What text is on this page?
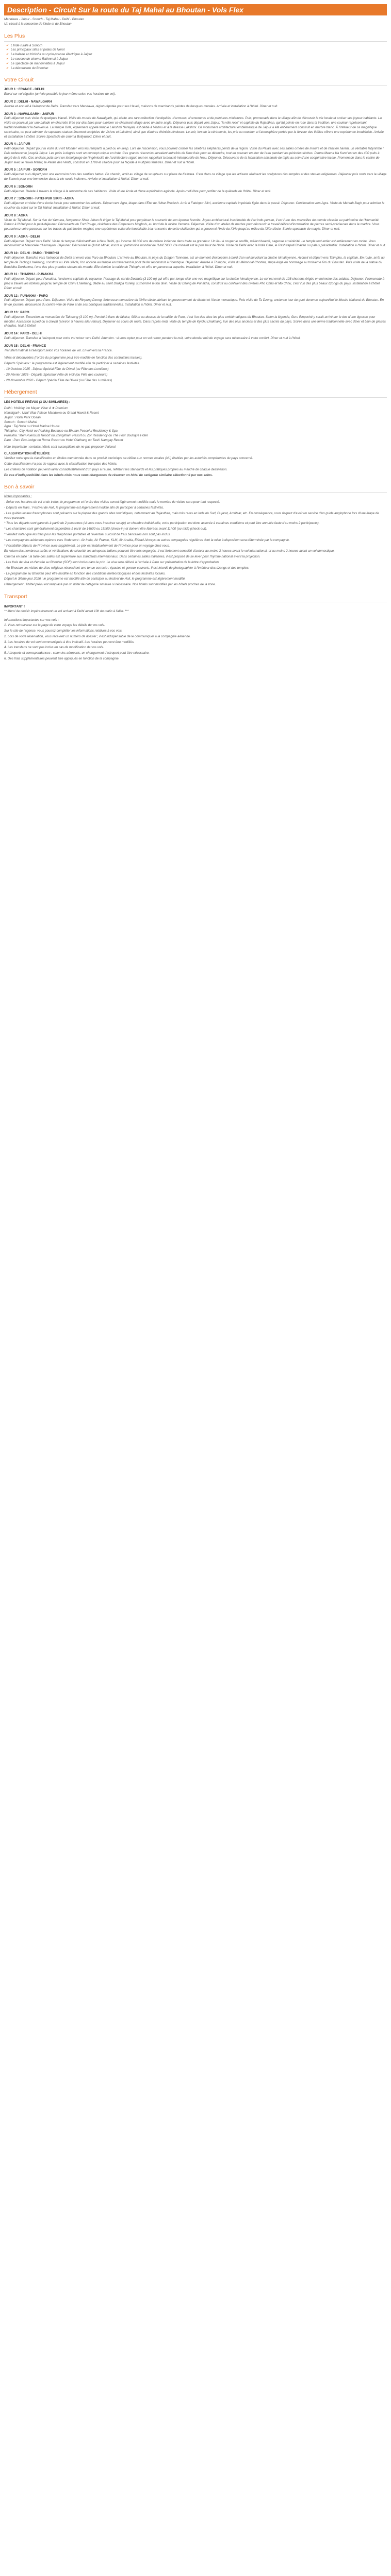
Description - Circuit Sur la route du Taj Mahal au Bhoutan - Vols Flex
Mandawa - Jaipur - Sonorh - Taj Mahal - Delhi - Bhoutan
Un circuit à la rencontre de l'Inde et du Bhoutan
Les Plus
✔ L'Inde rurale à Sonorh
✔ Les principaux sites et palais de Nerol
✔ La balade en tricksha ou cyclo-pousse électrique à Jaipur
✔ Le coucou de cinema Rathnmal à Jaipur
✔ Le spectacle de marionnettes à Jaipur
✔ La découverte du Bhoutan
Votre Circuit
JOUR 1 : FRANCE - DELHI
Envol sur vol régulier (arrivée possible le jour même selon vos horaires de vol).
JOUR 2 : DELHI - NAWALGARH
Arrivée et accueil à l'aéroport de Delhi. Transfert vers Mandawa, région réputée pour ses Haveli, maisons de marchands peintes de fresques murales. Arrivée et installation à l'hôtel. Dîner et nuit.
JOUR 3 : NAWALGARH - JAIPUR
Petit-déjeuner puis visite de quelques Haveli. Visite du musée de Nawalgarh, qui abrite une rare collection d'antiquités, d'armures, d'ornements et de peintures miniatures. Puis, promenade dans le village afin de découvrir la vie locale et croiser ses joyeux habitants. La visite se poursuit par une balade en charrette tirée par des ânes pour explorer ce charmant village avec un autre angle. Déjeuner puis départ vers Jaipur, "la ville rose" et capitale du Rajasthan, qui fut peinte en rose dans la tradition, une couleur représentant traditionnellement la bienvenue. La temple Birla, également appelé temple Lakshmi Narayan, est dédié à Vishnu et à la déesse Lakshmi. Ce monument architectural emblématique de Jaipur a été entièrement construit en marbre blanc. À l'intérieur de ce magnifique sanctuaire, on peut admirer de superbes statues finement sculptées de Vishnu et Lakshmi, ainsi que d'autres divinités hindoues. Le soir, lors de la cérémonie, les prie au coucher et l'atmosphère portée par la ferveur des fidèles offrent une expérience inoubliable. Arrivée et installation à l'hôtel. Soirée Spectacle de cinéma Bollywood. Dîner et nuit.
JOUR 4 : JAIPUR
Petit-déjeuner. Départ pour la visite du Fort Monder vers les remparts à pied ou en Jeep. Lors de l'ascension, vous pourrez croiser les célèbres éléphants peints de la région. Visite du Palais avec ses salles ornées de miroirs et de l'ancien harem, un véritable labyrinthe ! Puis redescente jusqu'à Jaipur. Les puits à degrés sont un concept unique en Inde. Ces grands réservoirs servaient autrefois de lieux frais pour se détendre, tout en pouvant en tirer de l'eau pendant les périodes sèches. Panna Meena Ka Kund est un des 400 puits à degré de la ville. Ces anciens puits sont un témoignage de l'ingéniosité de l'architecture rajput, tout en rappelant la beauté intemporelle de l'eau. Déjeuner. Découverte de la fabrication artisanale de tapis au sein d'une coopérative locale. Promenade dans le centre de Jaipur avec le Hawa Mahal, le Palais des Vents, construit en 1799 et célèbre pour sa façade à multiples fenêtres. Dîner et nuit à l'hôtel.
JOUR 5 : JAIPUR - SONORH
Petit-déjeuner puis départ pour une excursion hors des sentiers battus. En chemin, arrêt au village de sculpteurs sur pierre de Kalwara. C'est dans ce village que les artisans réalisent les sculptures des temples et des statues religieuses. Déjeuner puis route vers le village de Sonorh pour une immersion dans la vie rurale indienne. Arrivée et installation à l'hôtel. Dîner et nuit.
JOUR 6 : SONORH
Petit-déjeuner. Balade à travers le village à la rencontre de ses habitants. Visite d'une école et d'une exploitation agricole. Après-midi libre pour profiter de la quiétude de l'hôtel. Dîner et nuit.
JOUR 7 : SONORH - FATEHPUR SIKRI - AGRA
Petit-déjeuner et visite d'une école locale pour rencontrer les enfants. Départ vers Agra, étape dans l'État de l'Uttar Pradesh. Arrêt à Fatehpur Sikri, ancienne capitale impériale figée dans le passé. Déjeuner. Continuation vers Agra. Visite du Mehtab Bagh pour admirer le coucher du soleil sur le Taj Mahal. Installation à l'hôtel. Dîner et nuit.
JOUR 8 : AGRA
Visite du Taj Mahal. Sur la rive du Yamuna, l'empereur Shah Jahan fit ériger le Taj Mahal pour perpétuer le souvenir de son épouse favorite. Joyau architectural inestimable de l'art indo-persan, il est l'une des merveilles du monde classée au patrimoine de l'Humanité. Retour à l'hôtel pour le petit-déjeuner. Découverte du Fort Rouge, résidence des Empereurs Moghols, au bord de la rivière Yamuna. Déjeuner. Visite d'un atelier de marbre pour découvrir le travail délicat d'incrustation de pierres semi-précieuses dans le marbre. Vous poursuivrez votre parcours sur les traces du patrimoine moghol, une expérience culturelle inoubliable à la rencontre de cette civilisation qui a gouverné l'Inde du XVIe jusqu'au milieu du XIXe siècle. Soirée spectacle de magie. Dîner et nuit.
JOUR 9 : AGRA - DELHI
Petit-déjeuner. Départ vers Delhi. Visite du temple d'Akshardham à New Delhi, qui incarne 10 000 ans de culture indienne dans toute sa grandeur. Un lieu à couper le souffle, mêlant beauté, sagesse et sérénité. Le temple tout entier est entièrement en roche. Vous découvrirez le Mausolée d'Humayun. Déjeuner. Découvrez le Qutub Minar, inscrit au patrimoine mondial de l'UNESCO. Ce minaret est le plus haut de l'Inde. Visite de Delhi avec la India Gate, le Rashtrapati Bhavan ou palais présidentiel. Installation à l'hôtel. Dîner et nuit.
JOUR 10 : DELHI - PARO - THIMPHU
Petit-déjeuner. Transfert vers l'aéroport de Delhi et envol vers Paro au Bhoutan. L'arrivée au Bhoutan, le pays du Dragon Tonnerre, est un moment d'exception à bord d'un vol survolant la chaîne himalayenne. Accueil et départ vers Thimphu, la capitale. En route, arrêt au temple de Tachog Lhakhang, construit au XVe siècle, l'on accède au temple en traversant le pont de fer reconstruit à l'identique. Déjeuner. Arrivée à Thimphu, visite du Mémorial Chorten, stupa érigé en hommage au troisième Roi du Bhoutan. Puis visite de la statue du Bouddha Dordenma, l'une des plus grandes statues du monde. Elle domine la vallée de Thimphu et offre un panorama superbe. Installation à l'hôtel. Dîner et nuit.
JOUR 11 : THIMPHU - PUNAKHA
Petit-déjeuner. Départ pour Punakha, l'ancienne capitale du royaume. Passage du col de Dochula (3 100 m) qui offre par temps clair une vue magnifique sur la chaîne himalayenne. Le col est orné de 108 chortens érigés en mémoire des soldats. Déjeuner. Promenade à pied à travers les rizières jusqu'au temple de Chimi Lhakhang, dédié au saint Drukpa Kunley, surnommé le fou divin. Visite du Dzong de Punakha, construit au confluent des rivières Pho Chhu et Mo Chhu, c'est l'un des plus beaux dzongs du pays. Installation à l'hôtel. Dîner et nuit.
JOUR 12 : PUNAKHA - PARO
Petit-déjeuner. Départ pour Paro. Déjeuner. Visite du Rinpung Dzong, forteresse monastère du XVIIe siècle abritant le gouvernement du district et l'école monastique. Puis visite du Ta Dzong, ancienne tour de guet devenue aujourd'hui le Musée National du Bhoutan. En fin de journée, découverte du centre-ville de Paro et de ses boutiques traditionnelles. Installation à l'hôtel. Dîner et nuit.
JOUR 13 : PARO
Petit-déjeuner. Excursion au monastère de Taktsang (3 100 m). Perché à flanc de falaise, 900 m au-dessus de la vallée de Paro, c'est l'un des sites les plus emblématiques du Bhoutan. Selon la légende, Guru Rinpoché y serait arrivé sur le dos d'une tigresse pour méditer. Ascension à pied ou à cheval (environ 5 heures aller-retour). Déjeuner en cours de route. Dans l'après-midi, visite du temple de Kyichu Lhakhang, l'un des plus anciens et des plus sacrés du pays. Soirée dans une ferme traditionnelle avec dîner et bain de pierres chaudes. Nuit à l'hôtel.
JOUR 14 : PARO - DELHI
Petit-déjeuner. Transfert à l'aéroport pour votre vol retour vers Delhi. Attention : si vous optez pour un vol retour pendant la nuit, votre dernier nuit de voyage sera nécessaire à votre confort. Dîner et nuit à l'hôtel.
JOUR 15 : DELHI - FRANCE
Transfert matinal à l'aéroport selon vos horaires de vol. Envol vers la France.

Villes et découvertes (l'ordre du programme peut être modifié en fonction des contraintes locales).

Départs Spéciaux : le programme est légèrement modifié afin de participer à certaines festivités.

- 19 Octobre 2025 - Départ Spécial Fête de Diwali (ou Fête des Lumières)

- 29 Février 2026 - Départs Spéciaux Fête de Holi (ou Fête des couleurs)

- 28 Novembre 2026 - Départ Spécial Fête de Diwali (ou Fête des Lumières)

Hébergement
LES HOTELS PRÉVUS (3 OU SIMILAIRES) :
Delhi : Holiday Inn Mayur Vihar 4 ★ Premium
Nawalgarh : Udai Vilas Palace Mandawa ou Grand Haveli & Resort
Jaipur : Hotel Park Ocean
Sonorh : Sonorh Mahal
Agra : Taj Hotel ou Hotel Marina House
Thimphu : City Hotel ou Peaking Boutique ou Bhutan Peaceful Residency & Spa
Punakha : Meri Puensum Resort ou Zhingkham Resort ou Zor Residency ou The Four Boutique Hotel
Paro : Paro Eco Lodge ou Roma Resort ou Hotel Olathang ou Tashi Namgay Resort
Note importante : certains hôtels sont susceptibles de ne pas proposer d'alcool.
CLASSIFICATION HÔTELIÈRE
Veuillez noter que la classification en étoiles mentionnée dans ce produit touristique se réfère aux normes locales (NL) établies par les autorités compétentes du pays concerné.
Cette classification n'a pas de rapport avec la classification française des hôtels.
Les critères de notation peuvent varier considérablement d'un pays à l'autre, reflétant les standards et les pratiques propres au marché de chaque destination.
En cas d'indisponibilité dans les hôtels cités nous vous chargerons de réserver un hôtel de catégorie similaire sélectionné par nos soins.
Bon à savoir
Notes importantes :
- Selon vos horaires de vol et de trains, le programme et l'ordre des visites seront légèrement modifiés mais le nombre de visites sera pour tant respecté.
- Départs en Mars : Festival de Holi, le programme est légèrement modifié afin de participer à certaines festivités.
- Les guides locaux francophones sont présents sur la plupart des grands sites touristiques, notamment au Rajasthan, mais très rares en Inde du Sud, Gujarat, Amritsar, etc. En conséquence, vous risquez d'avoir un service d'un guide anglophone lors d'une étape de votre parcours.
* Tous les départs sont garantis à partir de 2 personnes (si vous vous inscrivez seul(e) en chambre individuelle, votre participation est donc assurée à certaines conditions et peut être annulée faute d'au moins 2 participants).
* Les chambres sont généralement disponibles à partir de 14h00 ou 15h00 (check-in) et doivent être libérées avant 11h00 (ou midi) (check-out).
* Veuillez noter que les frais pour les téléphones portables et l'éventuel surcoût de frais bancaires non sont pas inclus.
* Les compagnies aériennes opèrent vers l'Inde sont : Air India, Air France, KLM, Air Arabia, Etihad Airways ou autres compagnies régulières dont la mise à disposition sera déterminée par la compagnie.
* Possibilité départs de Province avec supplément. Le prix est habituellement de Province pour un voyage chez vous.
En raison des nombreux arrêts et vérifications de sécurité, les aéroports indiens peuvent être très engorgés. Il est fortement conseillé d'arriver au moins 3 heures avant le vol international, et au moins 2 heures avant un vol domestique.
Cinéma en salle : la taille des salles est supérieure aux standards internationaux. Dans certaines salles indiennes, il est proposé de se lever pour l'hymne national avant la projection.
- Les frais de visa et d'entrée au Bhoutan (SDF) sont inclus dans le prix. Le visa sera délivré à l'arrivée à Paro sur présentation de la lettre d'approbation.
- Au Bhoutan, les visites de sites religieux nécessitent une tenue correcte : épaules et genoux couverts. Il est interdit de photographier à l'intérieur des dzongs et des temples.
- Le programme au Bhoutan peut être modifié en fonction des conditions météorologiques et des festivités locales.
Départ le 3ième jour 2026 : le programme est modifié afin de participer au festival de Holi, le programme est légèrement modifié.
Hébergement : l'hôtel prévu est remplacé par un hôtel de catégorie similaire si nécessaire. Nos hôtels sont modifiés par les hôtels proches de la zone.
Transport
IMPORTANT !
** Merci de choisir impérativement un vol arrivant à Delhi avant 10h du matin à l'aller. ***
Informations importantes sur vos vols :
1. Vous retrouverez sur la page de votre voyage les détails de vos vols.
Sur le site de l'agence, vous pourrez compléter les informations relatives à vos vols.
2. Lors de votre réservation, vous recevrez un numéro de dossier ; il est indispensable de le communiquer à la compagnie aérienne.
3. Les horaires de vol sont communiqués à titre indicatif. Les horaires peuvent être modifiés.
4. Les transferts ne sont pas inclus en cas de modification de vos vols.
5. Aéroports et correspondances : selon les aéroports, un changement d'aéroport peut être nécessaire.
6. Des frais supplémentaires peuvent être appliqués en fonction de la compagnie.
